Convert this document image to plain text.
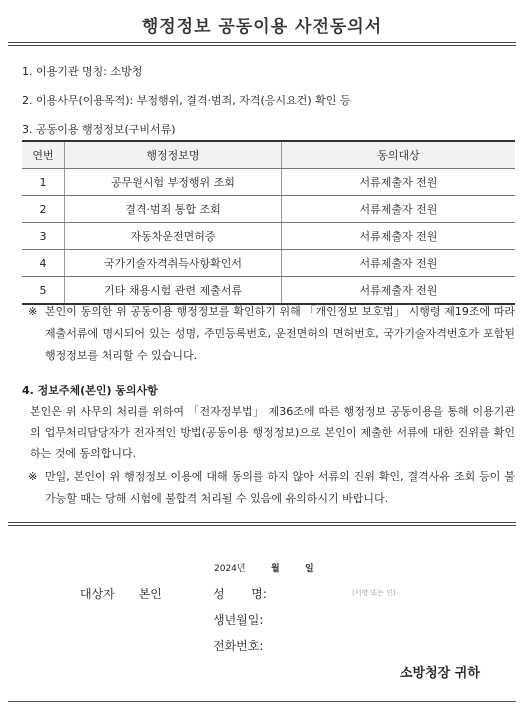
행정정보 공동이용 사전동의서
1. 이용기관 명칭: 소방청
2. 이용사무(이용목적): 부정행위, 결격·범죄, 자격(응시요건) 확인 등
3. 공동이용 행정정보(구비서류)
연번	행정정보명	동의대상
1	공무원시험 부정행위 조회	서류제출자 전원
2	결격·범죄 통합 조회	서류제출자 전원
3	자동차운전면허증	서류제출자 전원
4	국가기술자격취득사항확인서	서류제출자 전원
5	기타 채용시험 관련 제출서류	서류제출자 전원
※ 본인이 동의한 위 공동이용 행정정보를 확인하기 위해 「개인정보 보호법」 시행령 제19조에 따라 제출서류에 명시되어 있는 성명, 주민등록번호, 운전면허의 면허번호, 국가기술자격번호가 포함된 행정정보를 처리할 수 있습니다.
4. 정보주체(본인) 동의사항
본인은 위 사무의 처리를 위하여 「전자정부법」 제36조에 따른 행정정보 공동이용을 통해 이용기관의 업무처리담당자가 전자적인 방법(공동이용 행정정보)으로 본인이 제출한 서류에 대한 진위를 확인하는 것에 동의합니다.
※ 만일, 본인이 위 행정정보 이용에 대해 동의를 하지 않아 서류의 진위 확인, 결격사유 조회 등이 불가능할 때는 당해 시험에 불합격 처리될 수 있음에 유의하시기 바랍니다.
2024년	월	일
대상자 본인	성       명:	(서명 또는 인)
생년월일:
전화번호:
소방청장 귀하
